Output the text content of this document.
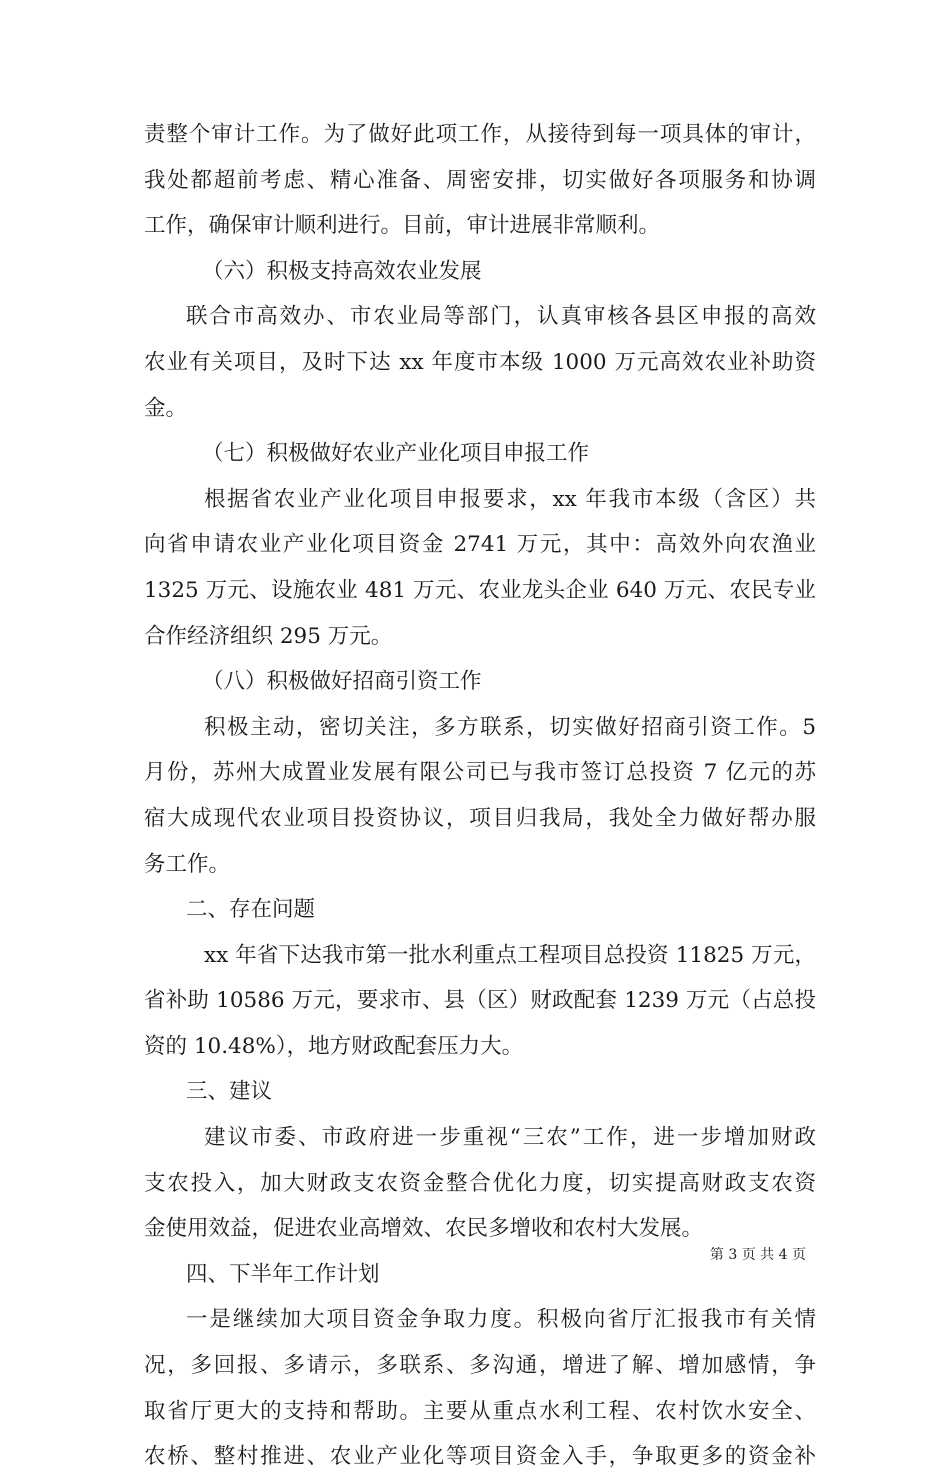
责整个审计工作。为了做好此项工作，从接待到每一项具体的审计，
我处都超前考虑、精心准备、周密安排，切实做好各项服务和协调
工作，确保审计顺利进行。目前，审计进展非常顺利。
（六）积极支持高效农业发展
联合市高效办、市农业局等部门，认真审核各县区申报的高效
农业有关项目，及时下达 xx 年度市本级 1000 万元高效农业补助资
金。
（七）积极做好农业产业化项目申报工作
根据省农业产业化项目申报要求，xx 年我市本级（含区）共
向省申请农业产业化项目资金 2741 万元，其中：高效外向农渔业
1325 万元、设施农业 481 万元、农业龙头企业 640 万元、农民专业
合作经济组织 295 万元。
（八）积极做好招商引资工作
积极主动，密切关注，多方联系，切实做好招商引资工作。5
月份，苏州大成置业发展有限公司已与我市签订总投资 7 亿元的苏
宿大成现代农业项目投资协议，项目归我局，我处全力做好帮办服
务工作。
二、存在问题
xx 年省下达我市第一批水利重点工程项目总投资 11825 万元，
省补助 10586 万元，要求市、县（区）财政配套 1239 万元（占总投
资的 10.48%），地方财政配套压力大。
三、建议
建议市委、市政府进一步重视“三农”工作，进一步增加财政
支农投入，加大财政支农资金整合优化力度，切实提高财政支农资
金使用效益，促进农业高增效、农民多增收和农村大发展。
四、下半年工作计划
一是继续加大项目资金争取力度。积极向省厅汇报我市有关情
况，多回报、多请示，多联系、多沟通，增进了解、增加感情，争
取省厅更大的支持和帮助。主要从重点水利工程、农村饮水安全、
农桥、整村推进、农业产业化等项目资金入手，争取更多的资金补
第 3 页 共 4 页
